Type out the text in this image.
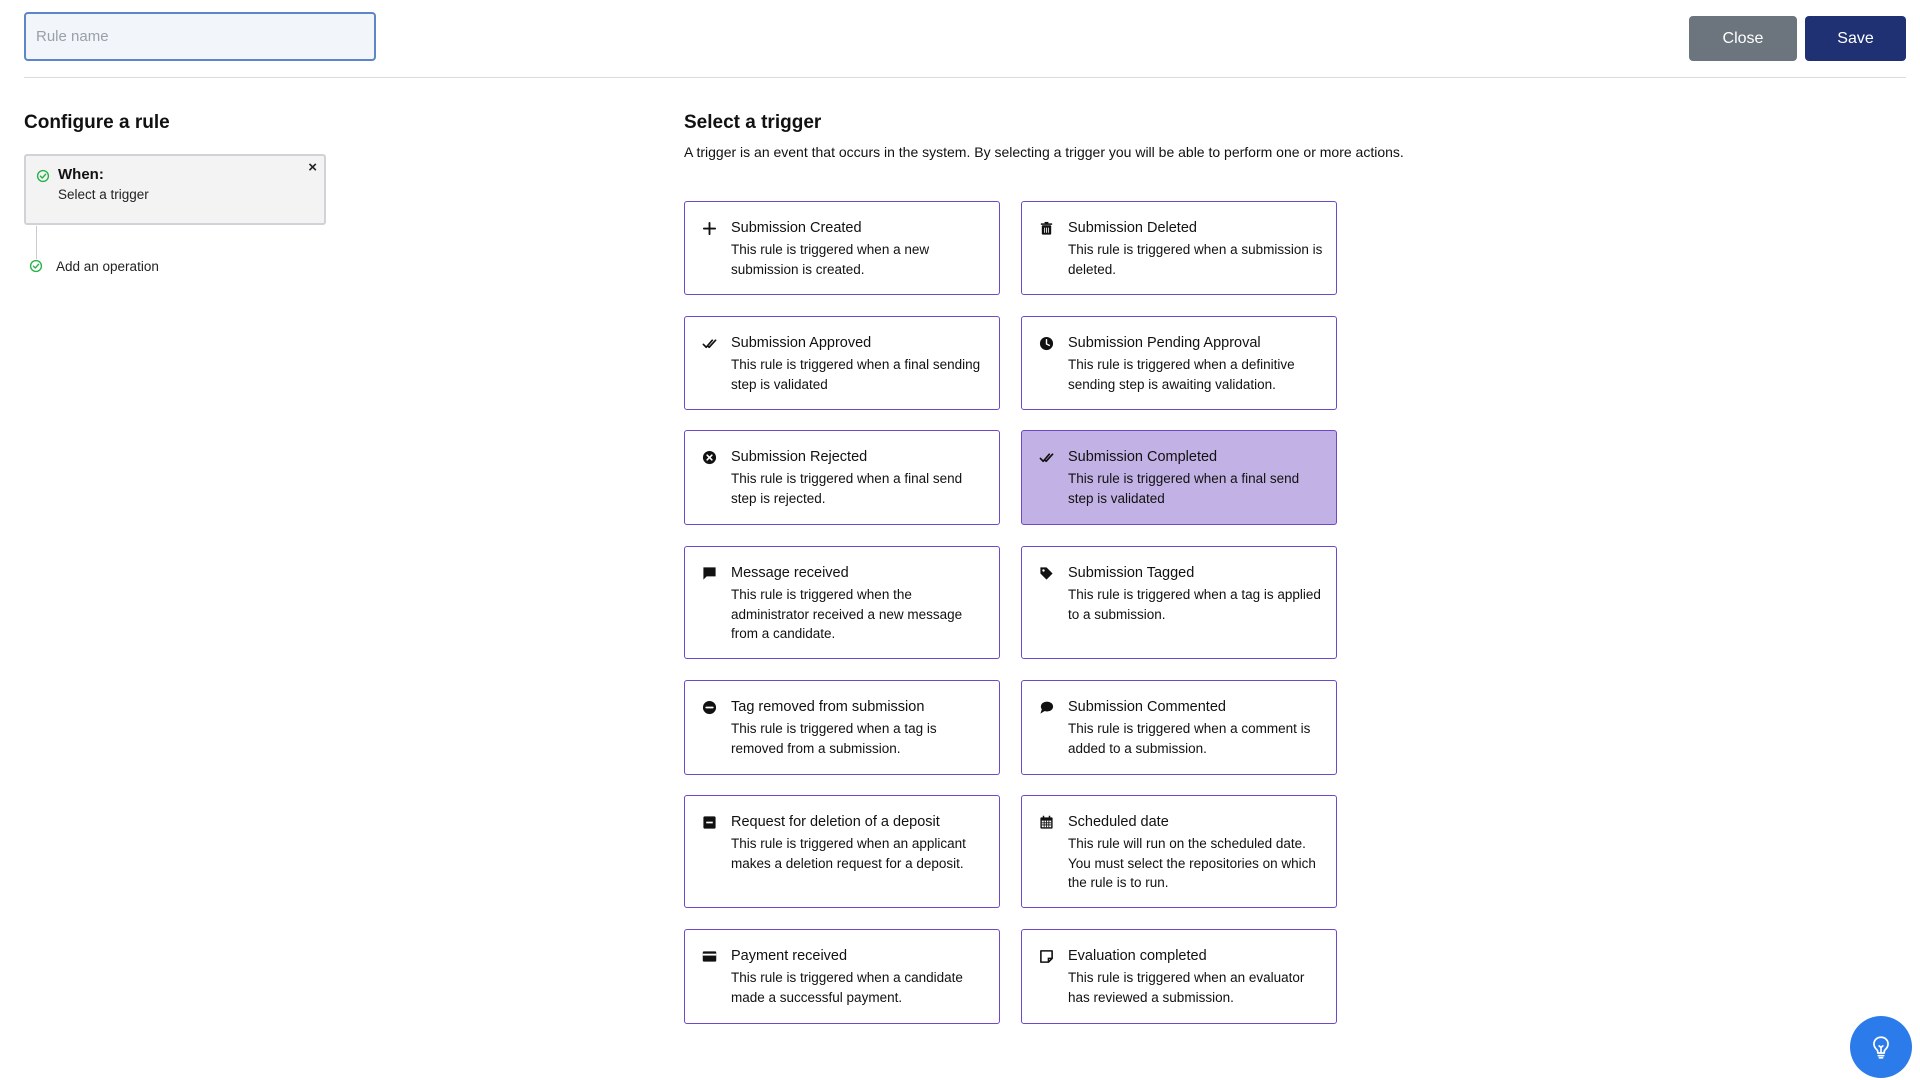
Rule name
Close	Save
Configure a rule
When:
Select a trigger
×
Add an operation
Select a trigger
A trigger is an event that occurs in the system. By selecting a trigger you will be able to perform one or more actions.
Submission Created
This rule is triggered when a new submission is created.
Submission Deleted
This rule is triggered when a submission is deleted.
Submission Approved
This rule is triggered when a final sending step is validated
Submission Pending Approval
This rule is triggered when a definitive sending step is awaiting validation.
Submission Rejected
This rule is triggered when a final send step is rejected.
Submission Completed
This rule is triggered when a final send step is validated
Message received
This rule is triggered when the administrator received a new message from a candidate.
Submission Tagged
This rule is triggered when a tag is applied to a submission.
Tag removed from submission
This rule is triggered when a tag is removed from a submission.
Submission Commented
This rule is triggered when a comment is added to a submission.
Request for deletion of a deposit
This rule is triggered when an applicant makes a deletion request for a deposit.
Scheduled date
This rule will run on the scheduled date. You must select the repositories on which the rule is to run.
Payment received
This rule is triggered when a candidate made a successful payment.
Evaluation completed
This rule is triggered when an evaluator has reviewed a submission.
